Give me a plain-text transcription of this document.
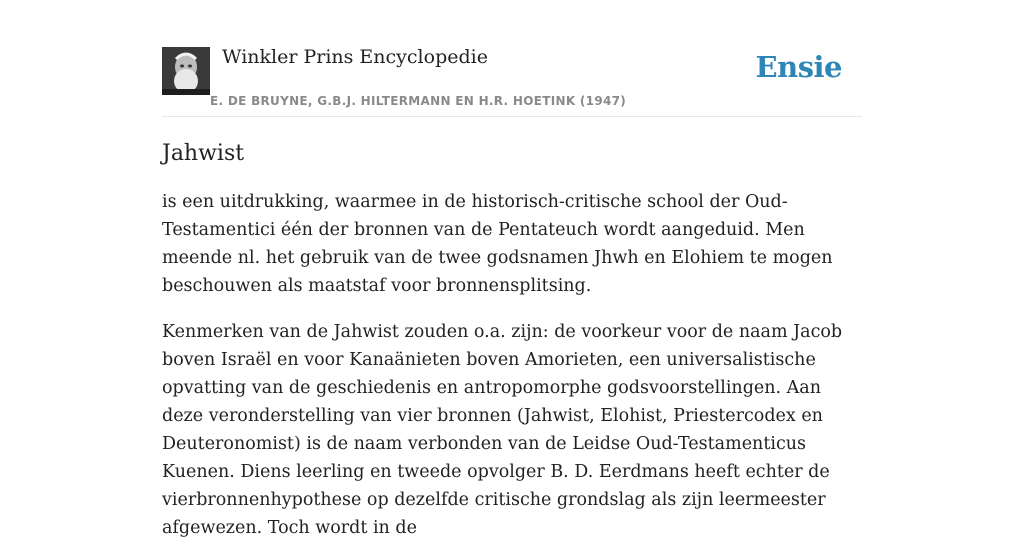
Winkler Prins Encyclopedie
E. DE BRUYNE, G.B.J. HILTERMANN EN H.R. HOETINK (1947)
Ensie
Jahwist

is een uitdrukking, waarmee in de historisch-critische school der Oud-Testamentici één der bronnen van de Pentateuch wordt aangeduid. Men meende nl. het gebruik van de twee godsnamen Jhwh en Elohiem te mogen beschouwen als maatstaf voor bronnensplitsing.

Kenmerken van de Jahwist zouden o.a. zijn: de voorkeur voor de naam Jacob boven Israël en voor Kanaänieten boven Amorieten, een universalistische opvatting van de geschiedenis en antropomorphe godsvoorstellingen. Aan deze veronderstelling van vier bronnen (Jahwist, Elohist, Priestercodex en Deuteronomist) is de naam verbonden van de Leidse Oud-Testamenticus Kuenen. Diens leerling en tweede opvolger B. D. Eerdmans heeft echter de vierbronnenhypothese op dezelfde critische grondslag als zijn leermeester afgewezen. Toch wordt in de
